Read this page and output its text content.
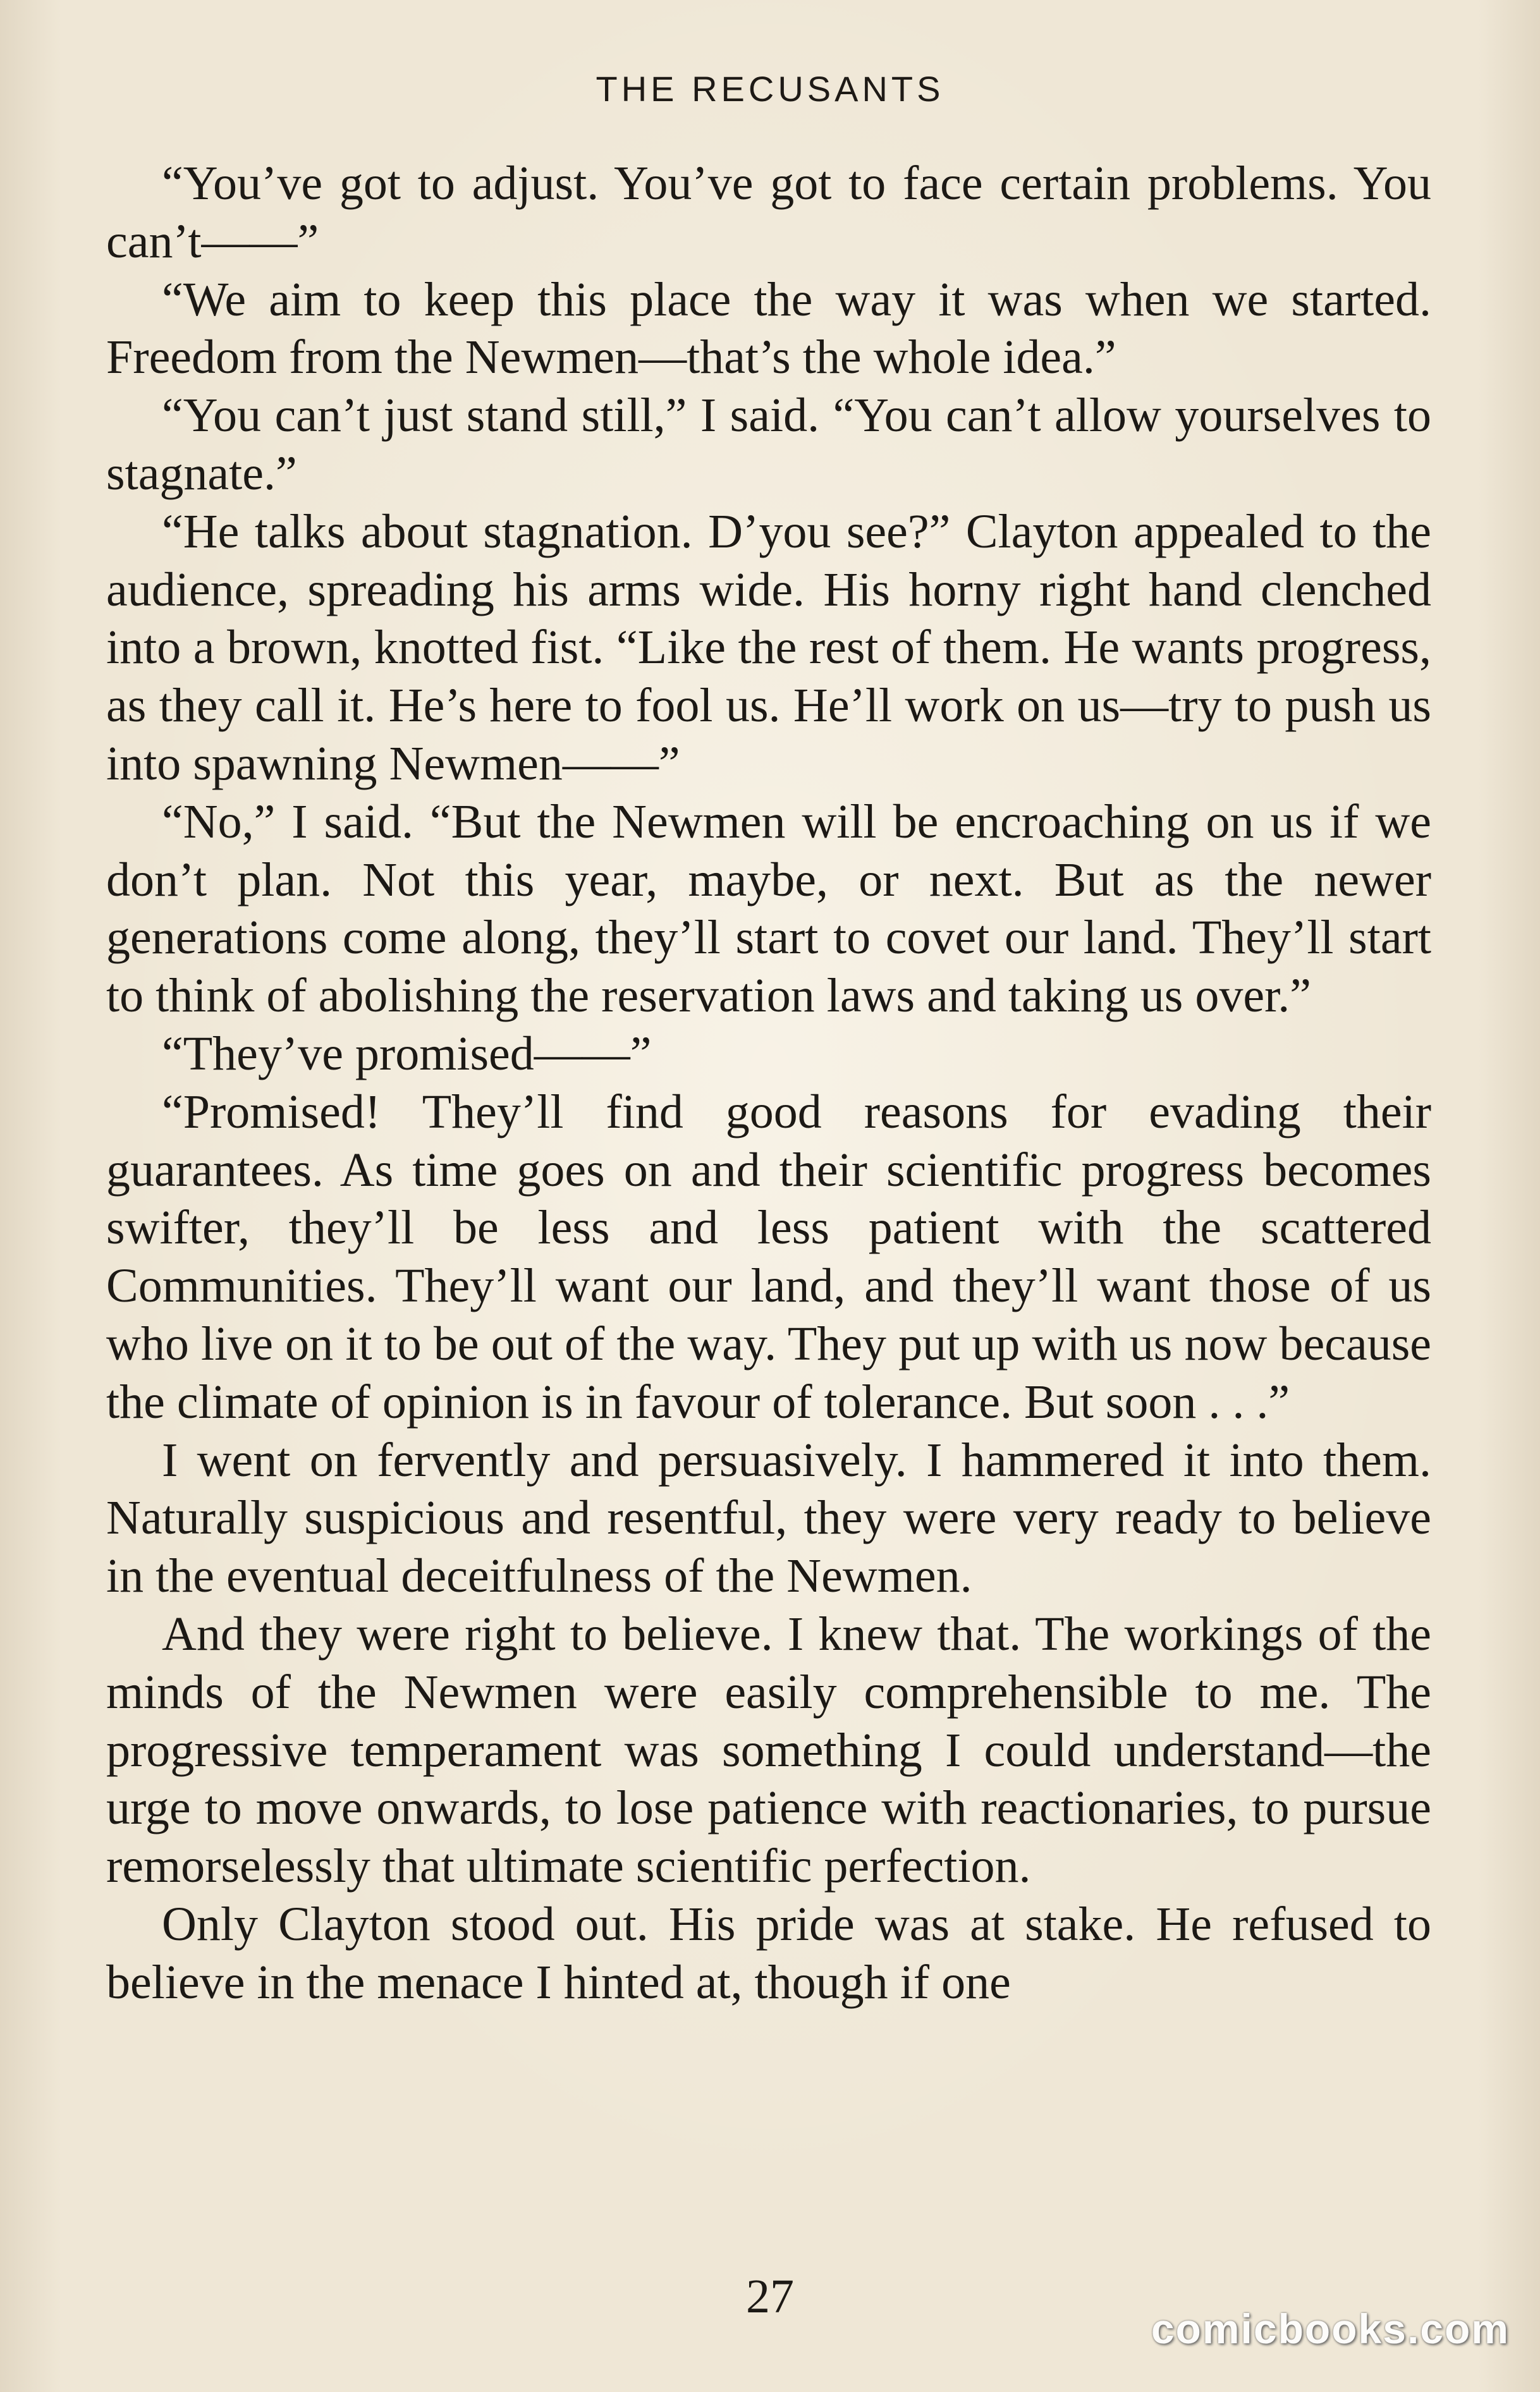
THE RECUSANTS

“You’ve got to adjust. You’ve got to face certain problems. You can’t——”

“We aim to keep this place the way it was when we started. Freedom from the Newmen—that’s the whole idea.”

“You can’t just stand still,” I said. “You can’t allow yourselves to stagnate.”

“He talks about stagnation. D’you see?” Clayton appealed to the audience, spreading his arms wide. His horny right hand clenched into a brown, knotted fist. “Like the rest of them. He wants progress, as they call it. He’s here to fool us. He’ll work on us—try to push us into spawning Newmen——”

“No,” I said. “But the Newmen will be encroaching on us if we don’t plan. Not this year, maybe, or next. But as the newer generations come along, they’ll start to covet our land. They’ll start to think of abolishing the reservation laws and taking us over.”

“They’ve promised——”

“Promised! They’ll find good reasons for evading their guarantees. As time goes on and their scientific progress becomes swifter, they’ll be less and less patient with the scattered Communities. They’ll want our land, and they’ll want those of us who live on it to be out of the way. They put up with us now because the climate of opinion is in favour of tolerance. But soon . . .”

I went on fervently and persuasively. I hammered it into them. Naturally suspicious and resentful, they were very ready to believe in the eventual deceitfulness of the Newmen.

And they were right to believe. I knew that. The workings of the minds of the Newmen were easily comprehensible to me. The progressive temperament was something I could understand—the urge to move onwards, to lose patience with reactionaries, to pursue remorselessly that ultimate scientific perfection.

Only Clayton stood out. His pride was at stake. He refused to believe in the menace I hinted at, though if one

27
comicbooks.com
